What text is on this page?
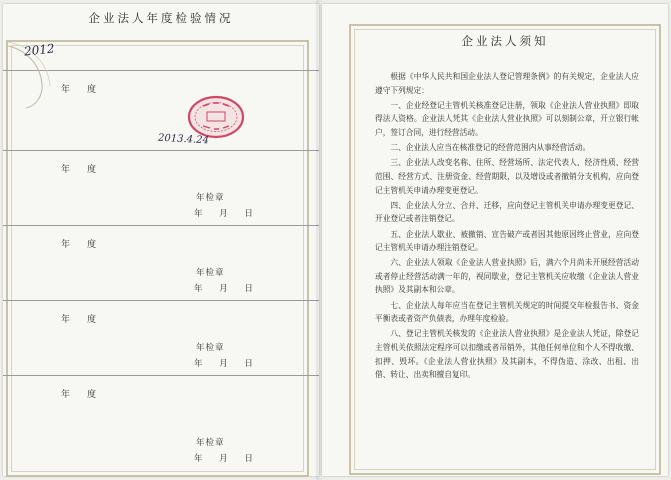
企业法人年度检验情况
年度
年度
年检章
年 月 日
年度
年检章
年 月 日
年度
年检章
年 月 日
年度
年检章
年 月 日
2012
2013.4.24
企业法人须知

根据《中华人民共和国企业法人登记管理条例》的有关规定，企业法人应遵守下列规定：

一、企业经登记主管机关核准登记注册，领取《企业法人营业执照》即取得法人资格。企业法人凭其《企业法人营业执照》可以刻制公章，开立银行帐户，签订合同，进行经营活动。

二、企业法人应当在核准登记的经营范围内从事经营活动。

三、企业法人改变名称、住所、经营场所、法定代表人、经济性质、经营范围、经营方式、注册资金、经营期限，以及增设或者撤销分支机构，应向登记主管机关申请办理变更登记。

四、企业法人分立、合并、迁移，应向登记主管机关申请办理变更登记、开业登记或者注销登记。

五、企业法人歇业、被撤销、宣告破产或者因其他原因终止营业，应向登记主管机关申请办理注销登记。

六、企业法人领取《企业法人营业执照》后，满六个月尚未开展经营活动或者停止经营活动满一年的，视同歇业，登记主管机关应收缴《企业法人营业执照》及其副本和公章。

七、企业法人每年应当在登记主管机关规定的时间提交年检报告书、资金平衡表或者资产负债表，办理年度检验。

八、登记主管机关核发的《企业法人营业执照》是企业法人凭证，除登记主管机关依照法定程序可以扣缴或者吊销外，其他任何单位和个人不得收缴、扣押、毁坏。《企业法人营业执照》及其副本，不得伪造、涂改、出租、出借、转让、出卖和擅自复印。
